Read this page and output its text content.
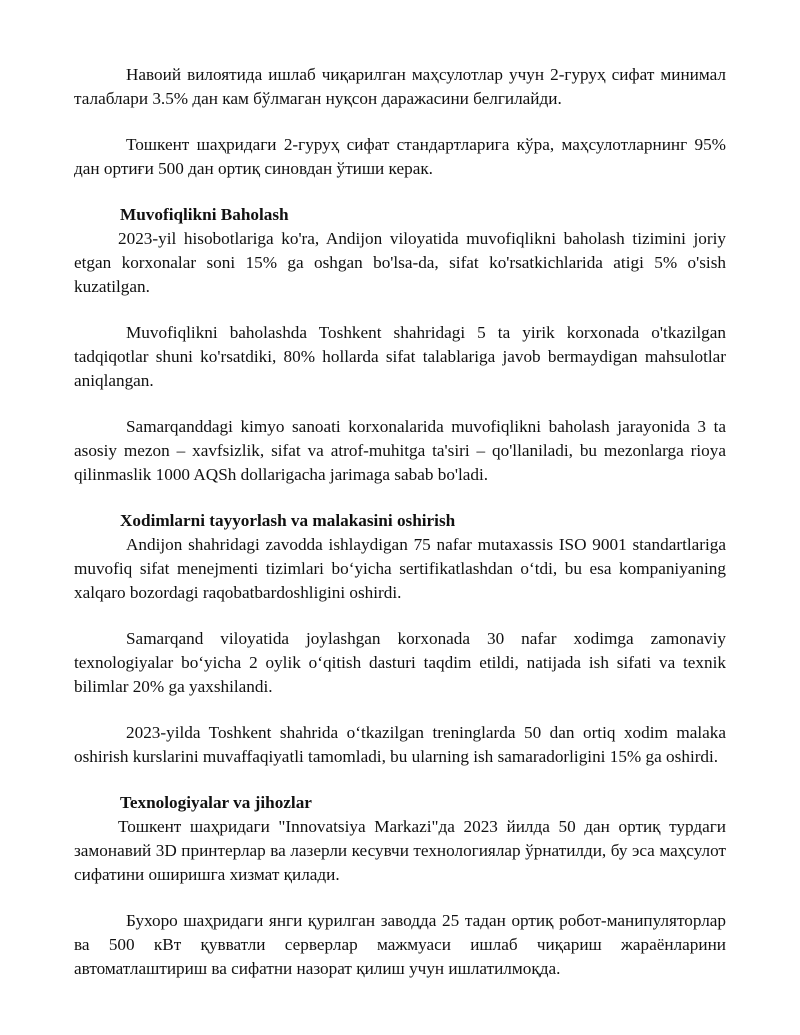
Навоий вилоятида ишлаб чиқарилган маҳсулотлар учун 2-гуруҳ сифат минимал талаблари 3.5% дан кам бўлмаган нуқсон даражасини белгилайди.

Тошкент шаҳридаги 2-гуруҳ сифат стандартларига кўра, маҳсулотларнинг 95% дан ортиғи 500 дан ортиқ синовдан ўтиши керак.

Muvofiqlikni Baholash

2023-yil hisobotlariga ko'ra, Andijon viloyatida muvofiqlikni baholash tizimini joriy etgan korxonalar soni 15% ga oshgan bo'lsa-da, sifat ko'rsatkichlarida atigi 5% o'sish kuzatilgan.

Muvofiqlikni baholashda Toshkent shahridagi 5 ta yirik korxonada o'tkazilgan tadqiqotlar shuni ko'rsatdiki, 80% hollarda sifat talablariga javob bermaydigan mahsulotlar aniqlangan.

Samarqanddagi kimyo sanoati korxonalarida muvofiqlikni baholash jarayonida 3 ta asosiy mezon – xavfsizlik, sifat va atrof-muhitga ta'siri – qo'llaniladi, bu mezonlarga rioya qilinmaslik 1000 AQSh dollarigacha jarimaga sabab bo'ladi.

Xodimlarni tayyorlash va malakasini oshirish

Andijon shahridagi zavodda ishlaydigan 75 nafar mutaxassis ISO 9001 standartlariga muvofiq sifat menejmenti tizimlari bo‘yicha sertifikatlashdan o‘tdi, bu esa kompaniyaning xalqaro bozordagi raqobatbardoshligini oshirdi.

Samarqand viloyatida joylashgan korxonada 30 nafar xodimga zamonaviy texnologiyalar bo‘yicha 2 oylik o‘qitish dasturi taqdim etildi, natijada ish sifati va texnik bilimlar 20% ga yaxshilandi.

2023-yilda Toshkent shahrida o‘tkazilgan treninglarda 50 dan ortiq xodim malaka oshirish kurslarini muvaffaqiyatli tamomladi, bu ularning ish samaradorligini 15% ga oshirdi.

Texnologiyalar va jihozlar

Тошкент шаҳридаги "Innovatsiya Markazi"да 2023 йилда 50 дан ортиқ турдаги замонавий 3D принтерлар ва лазерли кесувчи технологиялар ўрнатилди, бу эса маҳсулот сифатини оширишга хизмат қилади.

Бухоро шаҳридаги янги қурилган заводда 25 тадан ортиқ робот-манипуляторлар ва 500 кВт қувватли серверлар мажмуаси ишлаб чиқариш жараёнларини автоматлаштириш ва сифатни назорат қилиш учун ишлатилмоқда.
